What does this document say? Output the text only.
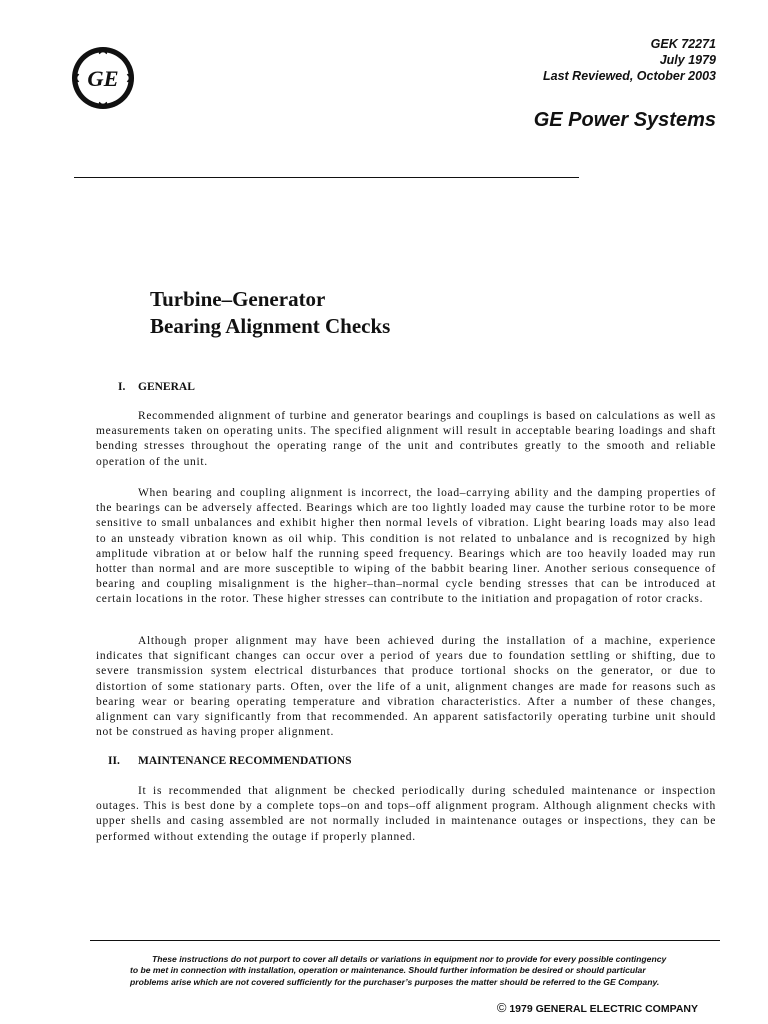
GE
GEK 72271
July 1979
Last Reviewed, October 2003
GE Power Systems
Turbine–Generator
Bearing Alignment Checks
I. GENERAL

Recommended alignment of turbine and generator bearings and couplings is based on calculations as well as measurements taken on operating units. The specified alignment will result in acceptable bearing loadings and shaft bending stresses throughout the operating range of the unit and contributes greatly to the smooth and reliable operation of the unit.

When bearing and coupling alignment is incorrect, the load–carrying ability and the damping properties of the bearings can be adversely affected. Bearings which are too lightly loaded may cause the turbine rotor to be more sensitive to small unbalances and exhibit higher then normal levels of vibration. Light bearing loads may also lead to an unsteady vibration known as oil whip. This condition is not related to unbalance and is recognized by high amplitude vibration at or below half the running speed frequency. Bearings which are too heavily loaded may run hotter than normal and are more susceptible to wiping of the babbit bearing liner. Another serious consequence of bearing and coupling misalignment is the higher–than–normal cycle bending stresses that can be introduced at certain locations in the rotor. These higher stresses can contribute to the initiation and propagation of rotor cracks.

Although proper alignment may have been achieved during the installation of a machine, experience indicates that significant changes can occur over a period of years due to foundation settling or shifting, due to severe transmission system electrical disturbances that produce tortional shocks on the generator, or due to distortion of some stationary parts. Often, over the life of a unit, alignment changes are made for reasons such as bearing wear or bearing operating temperature and vibration characteristics. After a number of these changes, alignment can vary significantly from that recommended. An apparent satisfactorily operating turbine unit should not be construed as having proper alignment.

II. MAINTENANCE RECOMMENDATIONS

It is recommended that alignment be checked periodically during scheduled maintenance or inspection outages. This is best done by a complete tops–on and tops–off alignment program. Although alignment checks with upper shells and casing assembled are not normally included in maintenance outages or inspections, they can be performed without extending the outage if properly planned.

These instructions do not purport to cover all details or variations in equipment nor to provide for every possible contingency to be met in connection with installation, operation or maintenance. Should further information be desired or should particular problems arise which are not covered sufficiently for the purchaser’s purposes the matter should be referred to the GE Company.

© 1979 GENERAL ELECTRIC COMPANY
